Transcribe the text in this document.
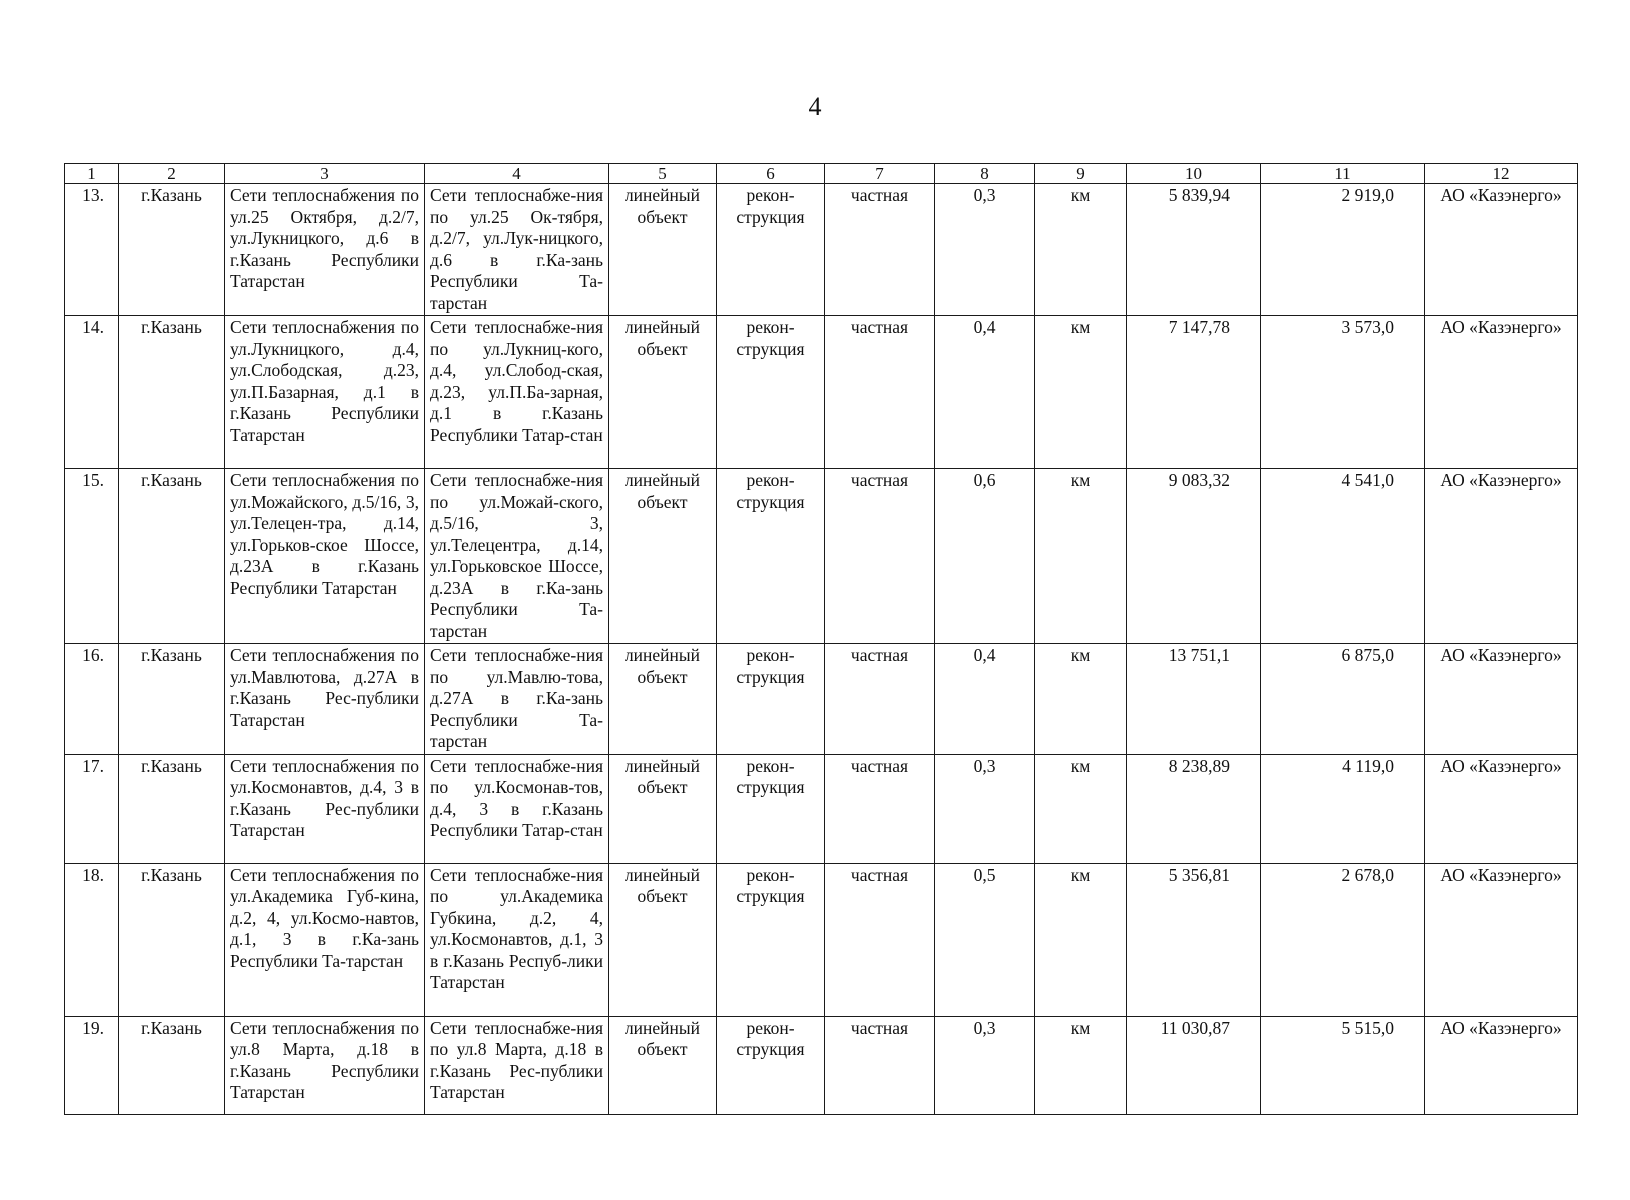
4
1	2	3	4	5	6	7	8	9	10	11	12
13.	г.Казань	Сети теплоснабжения по ул.25 Октября, д.2/7, ул.Лукницкого, д.6 в г.Казань Республики Татарстан	Сети теплоснабже-ния по ул.25 Ок-тября, д.2/7, ул.Лук-ницкого, д.6 в г.Ка-зань Республики Та-тарстан	линейный объект	рекон-струкция	частная	0,3	км	5 839,94	2 919,0	АО «Казэнерго»
14.	г.Казань	Сети теплоснабжения по ул.Лукницкого, д.4, ул.Слободская, д.23, ул.П.Базарная, д.1 в г.Казань Республики Татарстан	Сети теплоснабже-ния по ул.Лукниц-кого, д.4, ул.Слобод-ская, д.23, ул.П.Ба-зарная, д.1 в г.Казань Республики Татар-стан	линейный объект	рекон-струкция	частная	0,4	км	7 147,78	3 573,0	АО «Казэнерго»
15.	г.Казань	Сети теплоснабжения по ул.Можайского, д.5/16, 3, ул.Телецен-тра, д.14, ул.Горьков-ское Шоссе, д.23А в г.Казань Республики Татарстан	Сети теплоснабже-ния по ул.Можай-ского, д.5/16, 3, ул.Телецентра, д.14, ул.Горьковское Шоссе, д.23А в г.Ка-зань Республики Та-тарстан	линейный объект	рекон-струкция	частная	0,6	км	9 083,32	4 541,0	АО «Казэнерго»
16.	г.Казань	Сети теплоснабжения по ул.Мавлютова, д.27А в г.Казань Рес-публики Татарстан	Сети теплоснабже-ния по ул.Мавлю-това, д.27А в г.Ка-зань Республики Та-тарстан	линейный объект	рекон-струкция	частная	0,4	км	13 751,1	6 875,0	АО «Казэнерго»
17.	г.Казань	Сети теплоснабжения по ул.Космонавтов, д.4, 3 в г.Казань Рес-публики Татарстан	Сети теплоснабже-ния по ул.Космонав-тов, д.4, 3 в г.Казань Республики Татар-стан	линейный объект	рекон-струкция	частная	0,3	км	8 238,89	4 119,0	АО «Казэнерго»
18.	г.Казань	Сети теплоснабжения по ул.Академика Губ-кина, д.2, 4, ул.Космо-навтов, д.1, 3 в г.Ка-зань Республики Та-тарстан	Сети теплоснабже-ния по ул.Академика Губкина, д.2, 4, ул.Космонавтов, д.1, 3 в г.Казань Респуб-лики Татарстан	линейный объект	рекон-струкция	частная	0,5	км	5 356,81	2 678,0	АО «Казэнерго»
19.	г.Казань	Сети теплоснабжения по ул.8 Марта, д.18 в г.Казань Республики Татарстан	Сети теплоснабже-ния по ул.8 Марта, д.18 в г.Казань Рес-публики Татарстан	линейный объект	рекон-струкция	частная	0,3	км	11 030,87	5 515,0	АО «Казэнерго»
